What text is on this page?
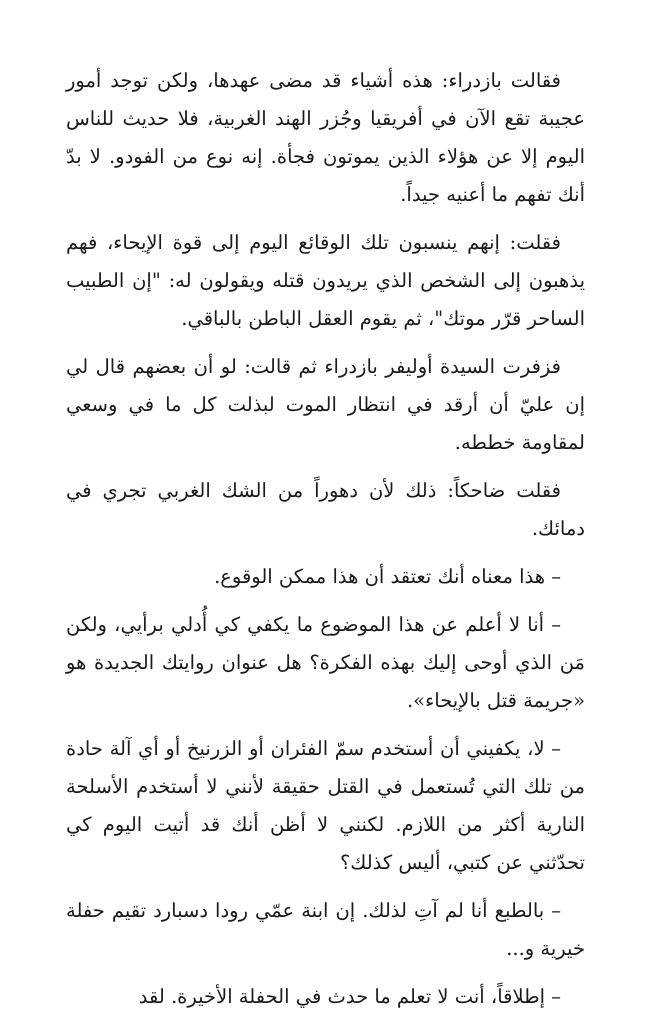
فقالت بازدراء: هذه أشياء قد مضى عهدها، ولكن توجد أمور عجيبة تقع الآن في أفريقيا وجُزر الهند الغربية، فلا حديث للناس اليوم إلا عن هؤلاء الذين يموتون فجأة. إنه نوع من الفودو. لا بدّ أنك تفهم ما أعنيه جيداً.

فقلت: إنهم ينسبون تلك الوقائع اليوم إلى قوة الإيحاء، فهم يذهبون إلى الشخص الذي يريدون قتله ويقولون له: "إن الطبيب الساحر قرّر موتك"، ثم يقوم العقل الباطن بالباقي.

فزفرت السيدة أوليفر بازدراء ثم قالت: لو أن بعضهم قال لي إن عليّ أن أرقد في انتظار الموت لبذلت كل ما في وسعي لمقاومة خططه.

فقلت ضاحكاً: ذلك لأن دهوراً من الشك الغربي تجري في دمائك.

– هذا معناه أنك تعتقد أن هذا ممكن الوقوع.

– أنا لا أعلم عن هذا الموضوع ما يكفي كي أُدلي برأيي، ولكن مَن الذي أوحى إليك بهذه الفكرة؟ هل عنوان روايتك الجديدة هو «جريمة قتل بالإيحاء».

– لا، يكفيني أن أستخدم سمّ الفئران أو الزرنيخ أو أي آلة حادة من تلك التي تُستعمل في القتل حقيقة لأنني لا أستخدم الأسلحة النارية أكثر من اللازم. لكنني لا أظن أنك قد أتيت اليوم كي تحدّثني عن كتبي، أليس كذلك؟

– بالطبع أنا لم آتِ لذلك. إن ابنة عمّي رودا دسبارد تقيم حفلة خيرية و...

– إطلاقاً، أنت لا تعلم ما حدث في الحفلة الأخيرة. لقد
